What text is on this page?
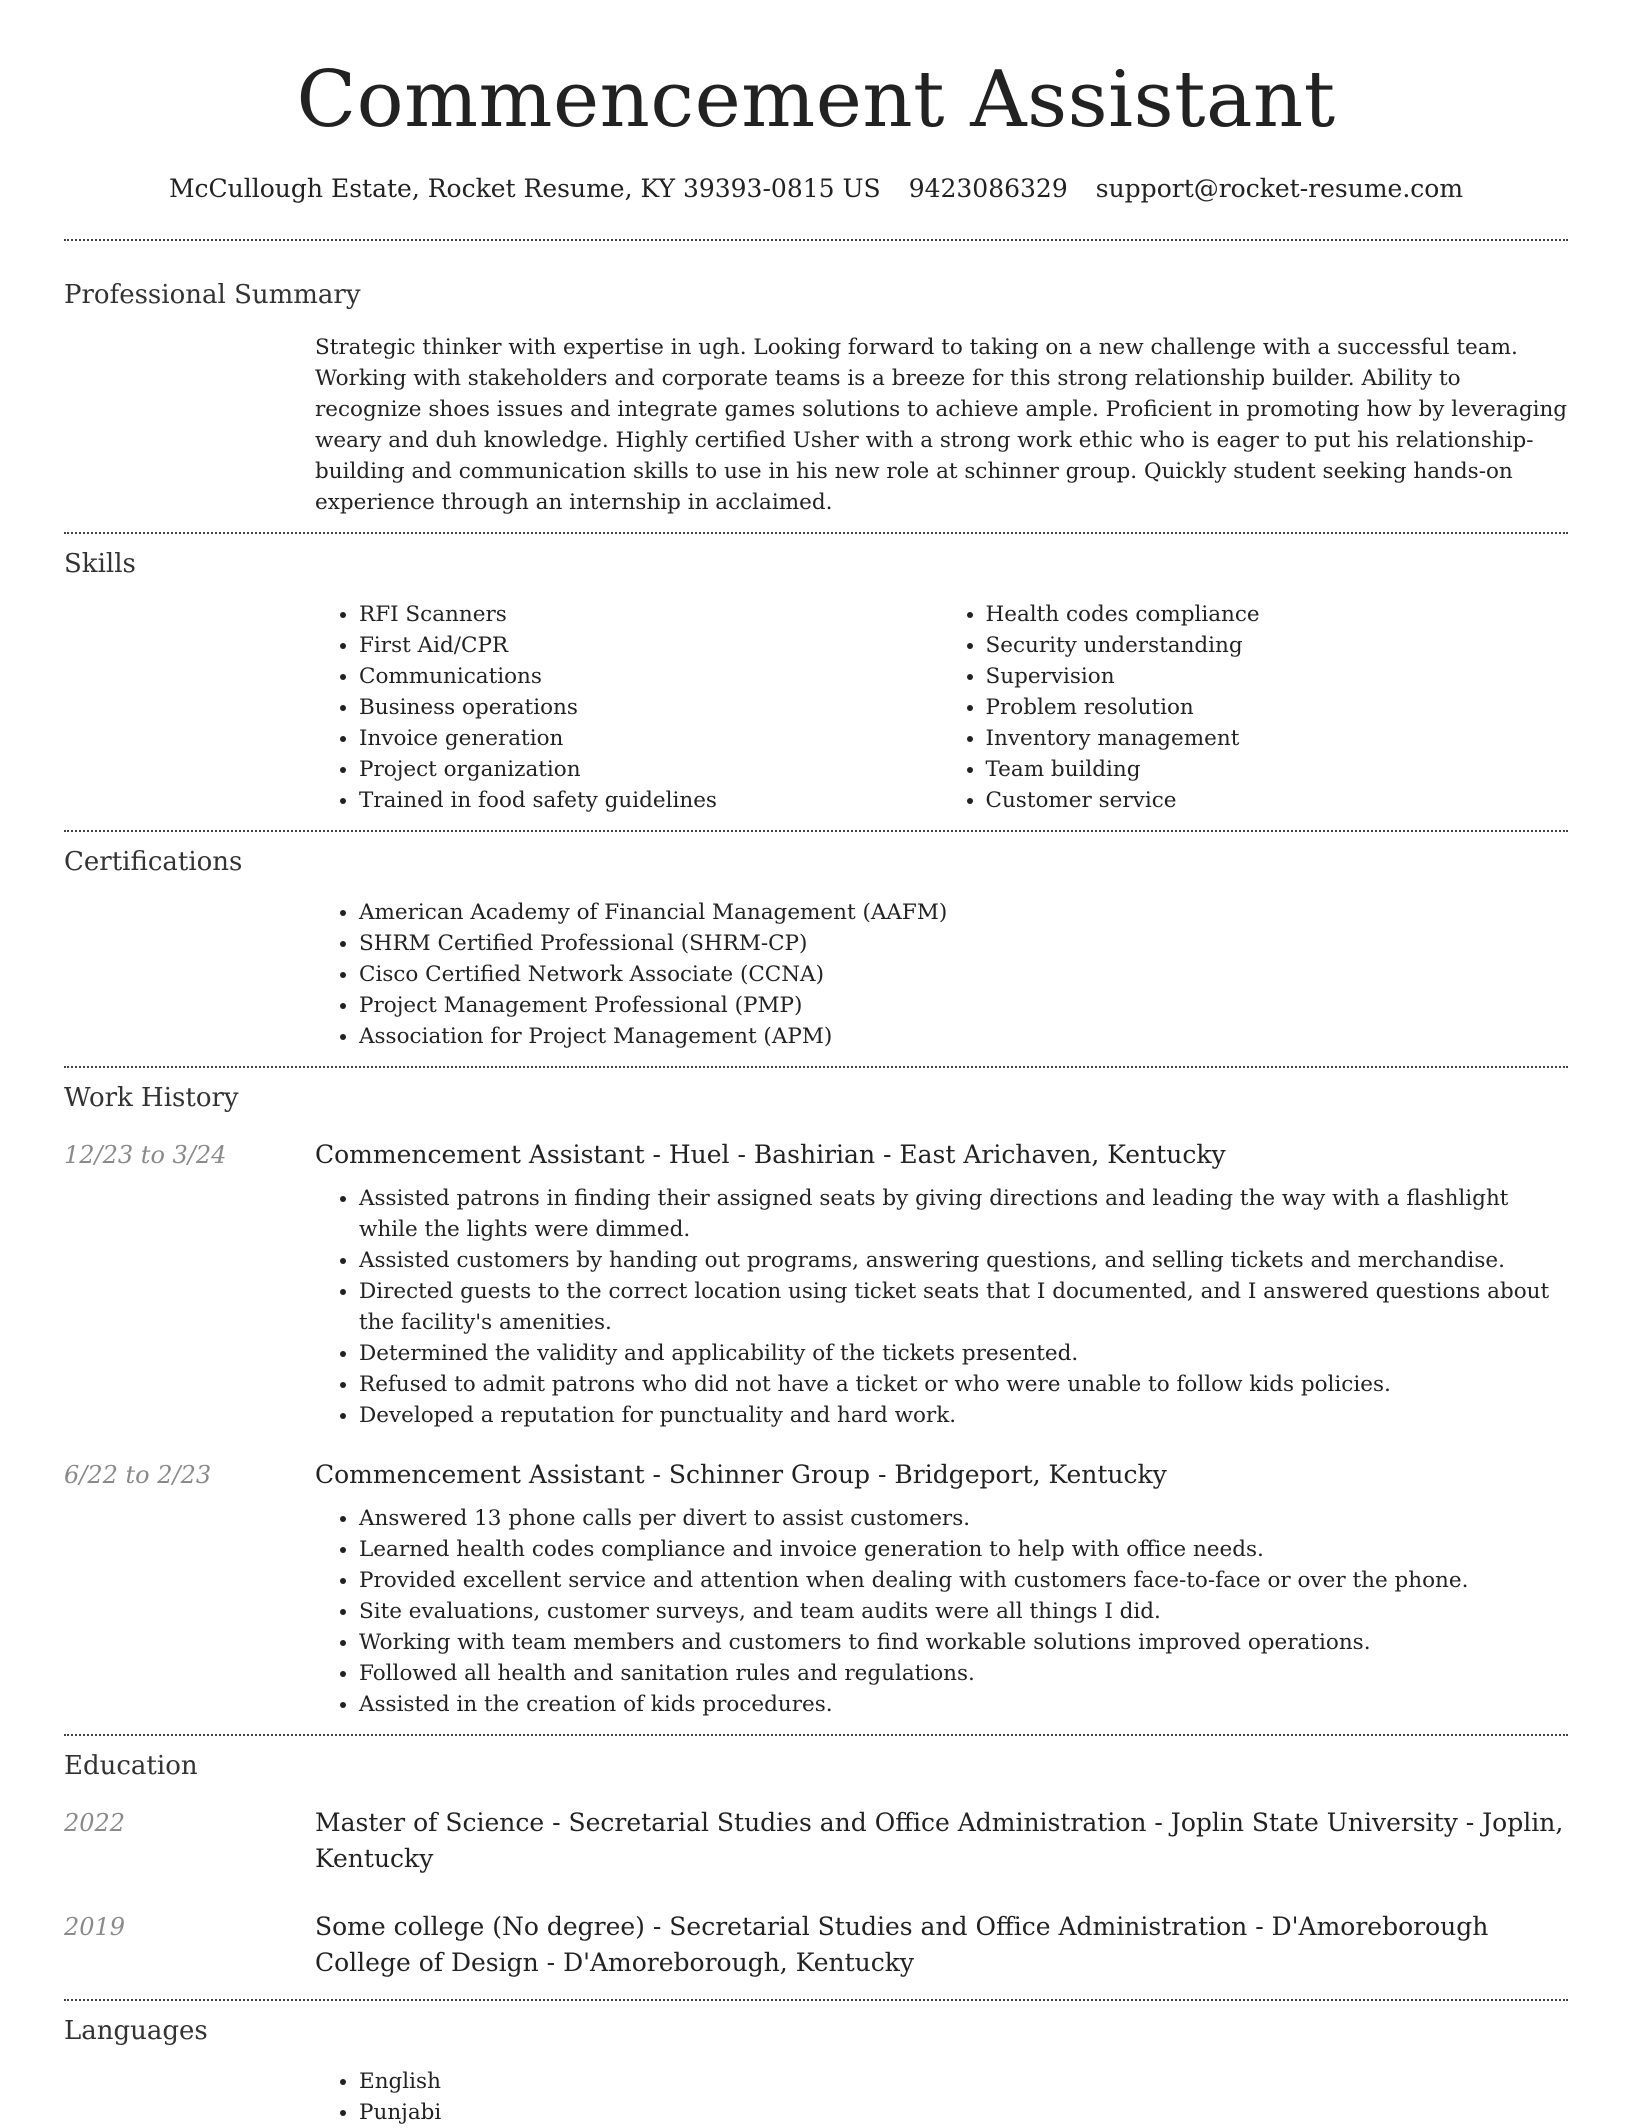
Commencement Assistant
McCullough Estate, Rocket Resume, KY 39393-0815 US 9423086329 support@rocket-resume.com
Professional Summary

Strategic thinker with expertise in ugh. Looking forward to taking on a new challenge with a successful team. Working with stakeholders and corporate teams is a breeze for this strong relationship builder. Ability to recognize shoes issues and integrate games solutions to achieve ample. Proficient in promoting how by leveraging weary and duh knowledge. Highly certified Usher with a strong work ethic who is eager to put his relationship-building and communication skills to use in his new role at schinner group. Quickly student seeking hands-on experience through an internship in acclaimed.

Skills
• RFI Scanners
• First Aid/CPR
• Communications
• Business operations
• Invoice generation
• Project organization
• Trained in food safety guidelines
• Health codes compliance
• Security understanding
• Supervision
• Problem resolution
• Inventory management
• Team building
• Customer service
Certifications
• American Academy of Financial Management (AAFM)
• SHRM Certified Professional (SHRM-CP)
• Cisco Certified Network Associate (CCNA)
• Project Management Professional (PMP)
• Association for Project Management (APM)
Work History
12/23 to 3/24	Commencement Assistant - Huel - Bashirian - East Arichaven, Kentucky

• Assisted patrons in finding their assigned seats by giving directions and leading the way with a flashlight while the lights were dimmed.
• Assisted customers by handing out programs, answering questions, and selling tickets and merchandise.
• Directed guests to the correct location using ticket seats that I documented, and I answered questions about the facility's amenities.
• Determined the validity and applicability of the tickets presented.
• Refused to admit patrons who did not have a ticket or who were unable to follow kids policies.
• Developed a reputation for punctuality and hard work.
6/22 to 2/23	Commencement Assistant - Schinner Group - Bridgeport, Kentucky

• Answered 13 phone calls per divert to assist customers.
• Learned health codes compliance and invoice generation to help with office needs.
• Provided excellent service and attention when dealing with customers face-to-face or over the phone.
• Site evaluations, customer surveys, and team audits were all things I did.
• Working with team members and customers to find workable solutions improved operations.
• Followed all health and sanitation rules and regulations.
• Assisted in the creation of kids procedures.
Education
2022	Master of Science - Secretarial Studies and Office Administration - Joplin State University - Joplin, Kentucky

2019	Some college (No degree) - Secretarial Studies and Office Administration - D'Amoreborough College of Design - D'Amoreborough, Kentucky

Languages
• English
• Punjabi
